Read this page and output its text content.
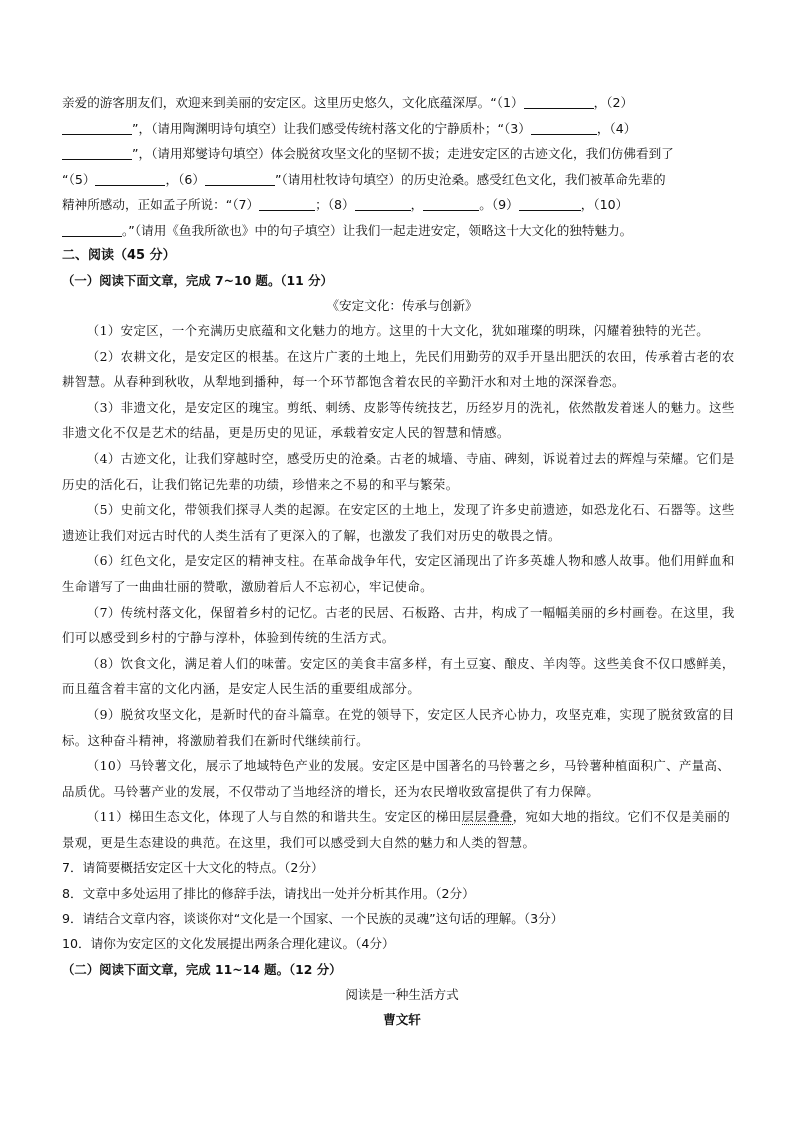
亲爱的游客朋友们，欢迎来到美丽的安定区。这里历史悠久，文化底蕴深厚。“（1）	，（2）

”，（请用陶渊明诗句填空）让我们感受传统村落文化的宁静质朴；“（3）	，（4）

”，（请用郑燮诗句填空）体会脱贫攻坚文化的坚韧不拔；走进安定区的古迹文化，我们仿佛看到了

“（5）	，（6）	”（请用杜牧诗句填空）的历史沧桑。感受红色文化，我们被革命先辈的

精神所感动，正如孟子所说：“（7）	；（8）	，	。（9）	，（10）

。”（请用《鱼我所欲也》中的句子填空）让我们一起走进安定，领略这十大文化的独特魅力。

二、阅读（45 分）

（一）阅读下面文章，完成 7~10 题。（11 分）

《安定文化：传承与创新》

（1）安定区，一个充满历史底蕴和文化魅力的地方。这里的十大文化，犹如璀璨的明珠，闪耀着独特的光芒。

（2）农耕文化，是安定区的根基。在这片广袤的土地上，先民们用勤劳的双手开垦出肥沃的农田，传承着古老的农耕智慧。从春种到秋收，从犁地到播种，每一个环节都饱含着农民的辛勤汗水和对土地的深深眷恋。

（3）非遗文化，是安定区的瑰宝。剪纸、刺绣、皮影等传统技艺，历经岁月的洗礼，依然散发着迷人的魅力。这些非遗文化不仅是艺术的结晶，更是历史的见证，承载着安定人民的智慧和情感。

（4）古迹文化，让我们穿越时空，感受历史的沧桑。古老的城墙、寺庙、碑刻，诉说着过去的辉煌与荣耀。它们是历史的活化石，让我们铭记先辈的功绩，珍惜来之不易的和平与繁荣。

（5）史前文化，带领我们探寻人类的起源。在安定区的土地上，发现了许多史前遗迹，如恐龙化石、石器等。这些遗迹让我们对远古时代的人类生活有了更深入的了解，也激发了我们对历史的敬畏之情。

（6）红色文化，是安定区的精神支柱。在革命战争年代，安定区涌现出了许多英雄人物和感人故事。他们用鲜血和生命谱写了一曲曲壮丽的赞歌，激励着后人不忘初心，牢记使命。

（7）传统村落文化，保留着乡村的记忆。古老的民居、石板路、古井，构成了一幅幅美丽的乡村画卷。在这里，我们可以感受到乡村的宁静与淳朴，体验到传统的生活方式。

（8）饮食文化，满足着人们的味蕾。安定区的美食丰富多样，有土豆宴、酿皮、羊肉等。这些美食不仅口感鲜美，而且蕴含着丰富的文化内涵，是安定人民生活的重要组成部分。

（9）脱贫攻坚文化，是新时代的奋斗篇章。在党的领导下，安定区人民齐心协力，攻坚克难，实现了脱贫致富的目标。这种奋斗精神，将激励着我们在新时代继续前行。

（10）马铃薯文化，展示了地域特色产业的发展。安定区是中国著名的马铃薯之乡，马铃薯种植面积广、产量高、品质优。马铃薯产业的发展，不仅带动了当地经济的增长，还为农民增收致富提供了有力保障。

（11）梯田生态文化，体现了人与自然的和谐共生。安定区的梯田层层叠叠，宛如大地的指纹。它们不仅是美丽的景观，更是生态建设的典范。在这里，我们可以感受到大自然的魅力和人类的智慧。

7．请简要概括安定区十大文化的特点。（2分）

8．文章中多处运用了排比的修辞手法，请找出一处并分析其作用。（2分）

9．请结合文章内容，谈谈你对“文化是一个国家、一个民族的灵魂”这句话的理解。（3分）

10．请你为安定区的文化发展提出两条合理化建议。（4分）

（二）阅读下面文章，完成 11~14 题。（12 分）

阅读是一种生活方式

曹文轩
